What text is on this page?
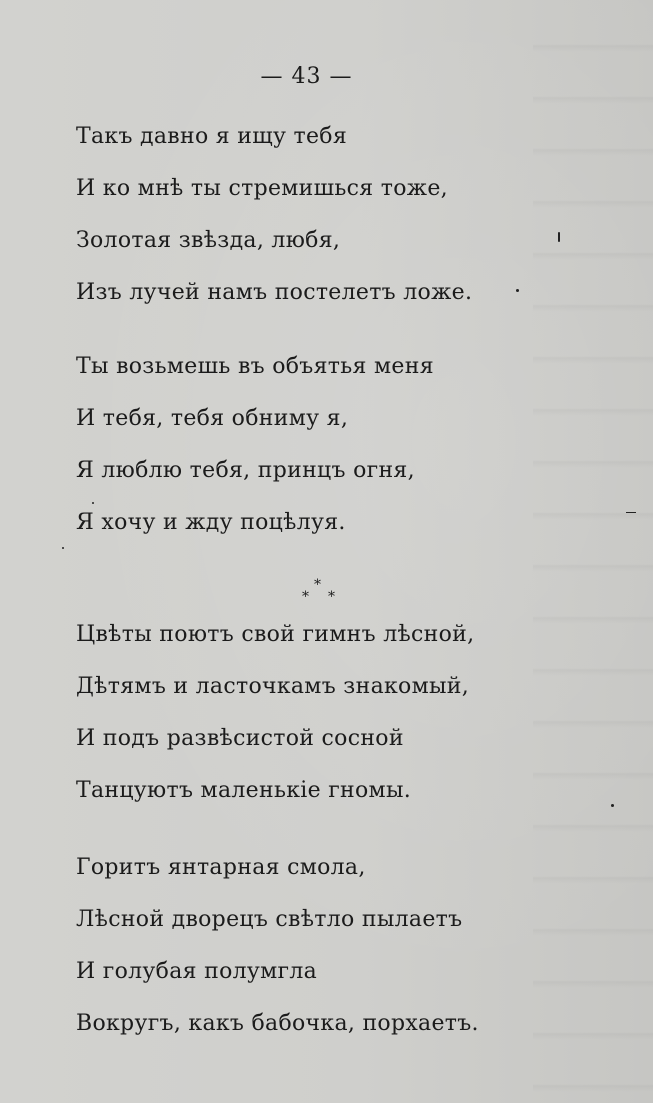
— 43 —
Такъ давно я ищу тебя
И ко мнѣ ты стремишься тоже,
Золотая звѣзда, любя,
Изъ лучей намъ постелетъ ложе.
Ты возьмешь въ объятья меня
И тебя, тебя обниму я,
Я люблю тебя, принцъ огня,
Я хочу и жду поцѣлуя.
*
* *
Цвѣты поютъ свой гимнъ лѣсной,
Дѣтямъ и ласточкамъ знакомый,
И подъ развѣсистой сосной
Танцуютъ маленькіе гномы.
Горитъ янтарная смола,
Лѣсной дворецъ свѣтло пылаетъ
И голубая полумгла
Вокругъ, какъ бабочка, порхаетъ.
